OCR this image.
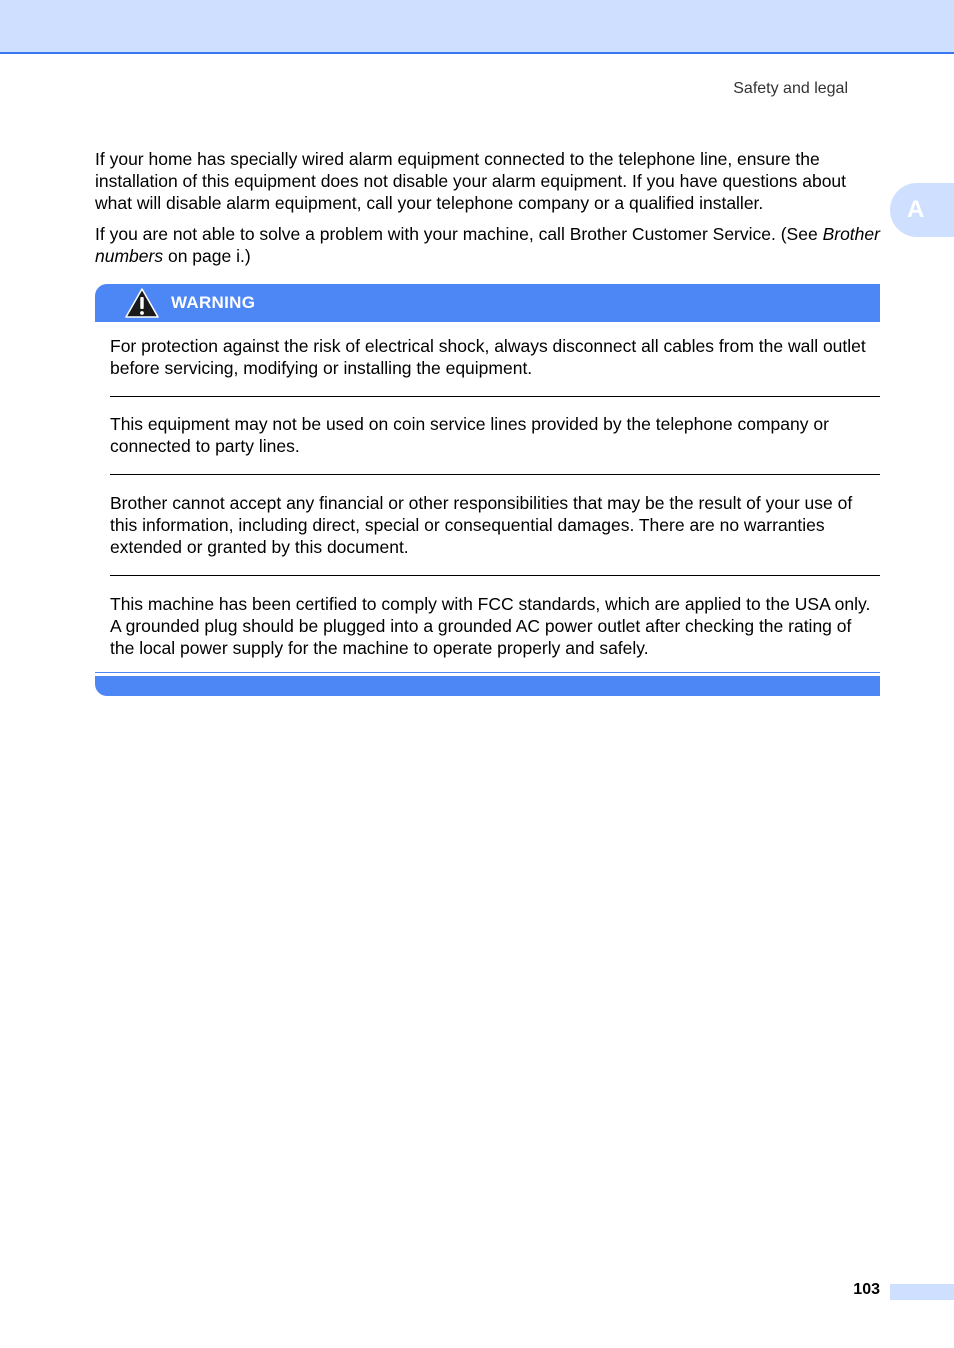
Safety and legal
A
If your home has specially wired alarm equipment connected to the telephone line, ensure the installation of this equipment does not disable your alarm equipment. If you have questions about what will disable alarm equipment, call your telephone company or a qualified installer.
If you are not able to solve a problem with your machine, call Brother Customer Service. (See Brother numbers on page i.)
WARNING
For protection against the risk of electrical shock, always disconnect all cables from the wall outlet before servicing, modifying or installing the equipment.
This equipment may not be used on coin service lines provided by the telephone company or connected to party lines.
Brother cannot accept any financial or other responsibilities that may be the result of your use of this information, including direct, special or consequential damages. There are no warranties extended or granted by this document.
This machine has been certified to comply with FCC standards, which are applied to the USA only. A grounded plug should be plugged into a grounded AC power outlet after checking the rating of the local power supply for the machine to operate properly and safely.
103
